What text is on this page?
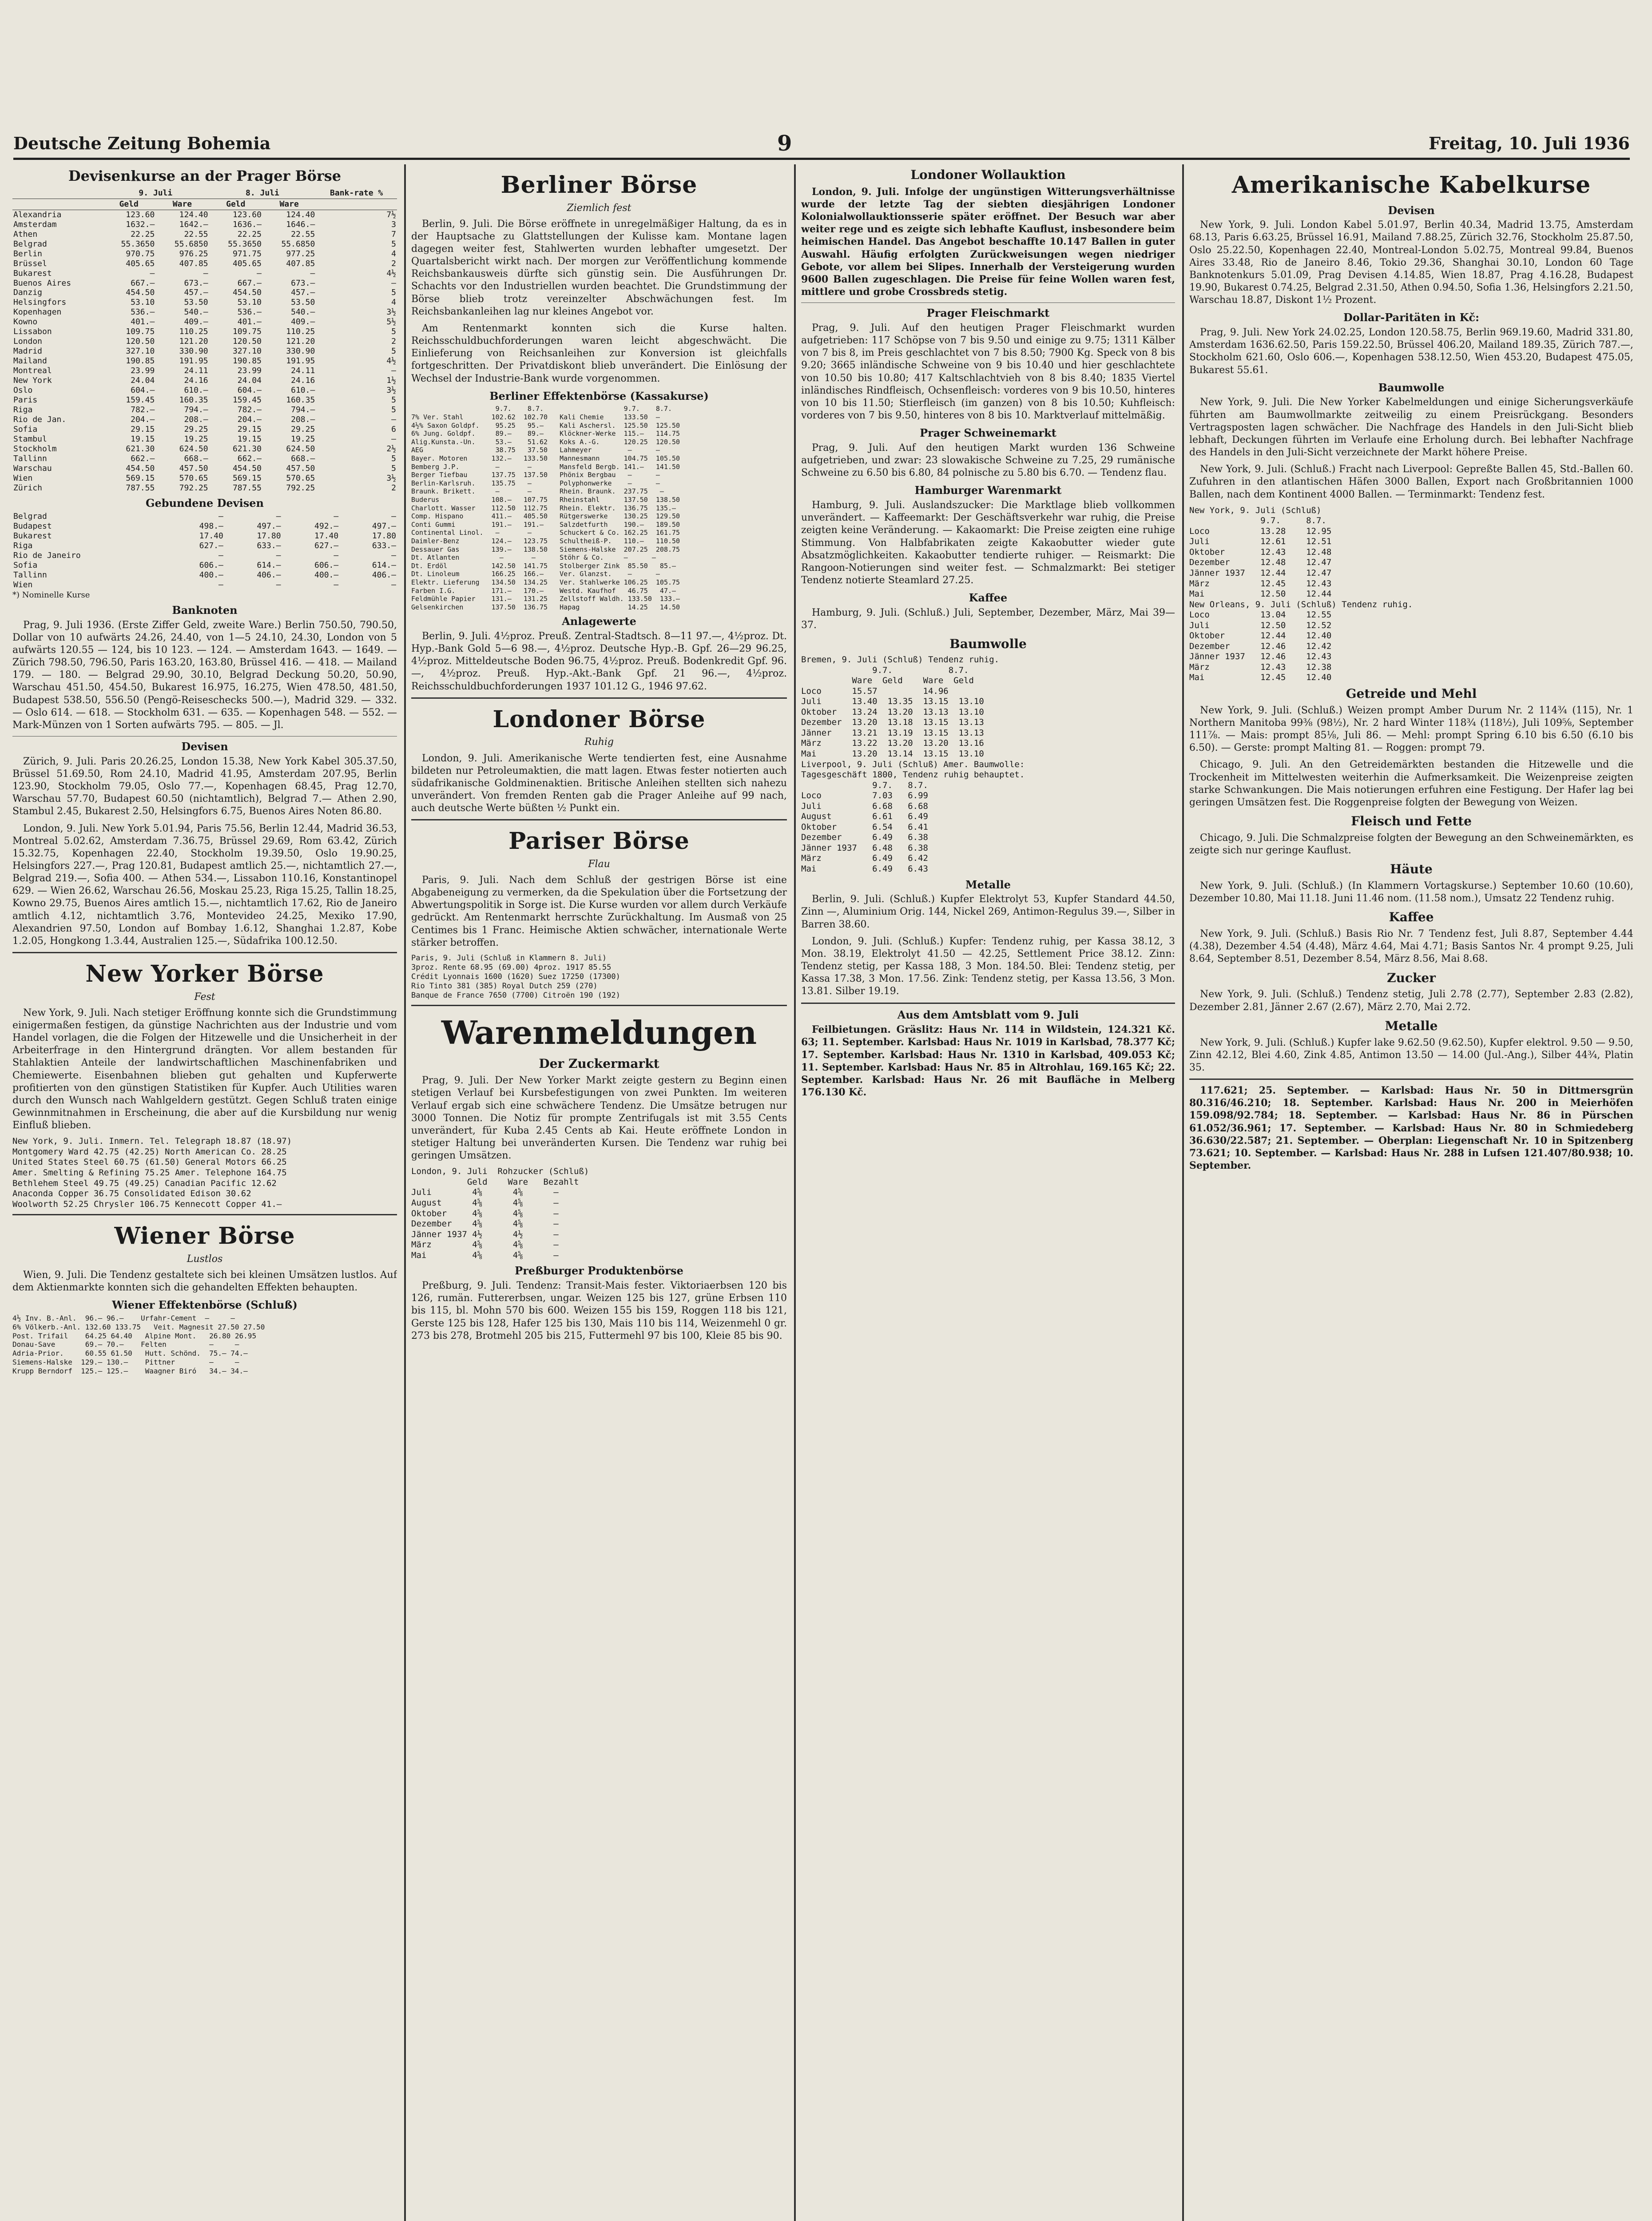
Deutsche Zeitung Bohemia	9	Freitag, 10. Juli 1936
Devisenkurse an der Prager Börse
	9. Juli		8. Juli		Bank-rate %
	Geld	Ware	Geld	Ware	
Alexandria	123.60	124.40	123.60	124.40	7½
Amsterdam	1632.—	1642.—	1636.—	1646.—	3
Athen	22.25	22.55	22.25	22.55	7
Belgrad	55.3650	55.6850	55.3650	55.6850	5
Berlin	970.75	976.25	971.75	977.25	4
Brüssel	405.65	407.85	405.65	407.85	2
Bukarest	—	—	—	—	4½
Buenos Aires	667.—	673.—	667.—	673.—	—
Danzig	454.50	457.—	454.50	457.—	5
Helsingfors	53.10	53.50	53.10	53.50	4
Kopenhagen	536.—	540.—	536.—	540.—	3½
Kowno	401.—	409.—	401.—	409.—	5½
Lissabon	109.75	110.25	109.75	110.25	5
London	120.50	121.20	120.50	121.20	2
Madrid	327.10	330.90	327.10	330.90	5
Mailand	190.85	191.95	190.85	191.95	4½
Montreal	23.99	24.11	23.99	24.11	—
New York	24.04	24.16	24.04	24.16	1½
Oslo	604.—	610.—	604.—	610.—	3½
Paris	159.45	160.35	159.45	160.35	5
Riga	782.—	794.—	782.—	794.—	5
Rio de Jan.	204.—	208.—	204.—	208.—	—
Sofia	29.15	29.25	29.15	29.25	6
Stambul	19.15	19.25	19.15	19.25	—
Stockholm	621.30	624.50	621.30	624.50	2½
Tallinn	662.—	668.—	662.—	668.—	5
Warschau	454.50	457.50	454.50	457.50	5
Wien	569.15	570.65	569.15	570.65	3½
Zürich	787.55	792.25	787.55	792.25	2
Gebundene Devisen
Belgrad	—	—	—	—
Budapest	498.—	497.—	492.—	497.—
Bukarest	17.40	17.80	17.40	17.80
Riga	627.—	633.—	627.—	633.—
Rio de Janeiro	—	—	—	—
Sofia	606.—	614.—	606.—	614.—
Tallinn	400.—	406.—	400.—	406.—
Wien	—	—	—	—
*) Nominelle Kurse
Banknoten

Prag, 9. Juli 1936. (Erste Ziffer Geld, zweite Ware.) Berlin 750.50, 790.50, Dollar von 10 aufwärts 24.26, 24.40, von 1—5 24.10, 24.30, London von 5 aufwärts 120.55 — 124, bis 10 123. — 124. — Amsterdam 1643. — 1649. — Zürich 798.50, 796.50, Paris 163.20, 163.80, Brüssel 416. — 418. — Mailand 179. — 180. — Belgrad 29.90, 30.10, Belgrad Deckung 50.20, 50.90, Warschau 451.50, 454.50, Bukarest 16.975, 16.275, Wien 478.50, 481.50, Budapest 538.50, 556.50 (Pengö-Reiseschecks 500.—), Madrid 329. — 332. — Oslo 614. — 618. — Stockholm 631. — 635. — Kopenhagen 548. — 552. — Mark-Münzen von 1 Sorten aufwärts 795. — 805. — Jl.

Devisen

Zürich, 9. Juli. Paris 20.26.25, London 15.38, New York Kabel 305.37.50, Brüssel 51.69.50, Rom 24.10, Madrid 41.95, Amsterdam 207.95, Berlin 123.90, Stockholm 79.05, Oslo 77.—, Kopenhagen 68.45, Prag 12.70, Warschau 57.70, Budapest 60.50 (nichtamtlich), Belgrad 7.— Athen 2.90, Stambul 2.45, Bukarest 2.50, Helsingfors 6.75, Buenos Aires Noten 86.80.

London, 9. Juli. New York 5.01.94, Paris 75.56, Berlin 12.44, Madrid 36.53, Montreal 5.02.62, Amsterdam 7.36.75, Brüssel 29.69, Rom 63.42, Zürich 15.32.75, Kopenhagen 22.40, Stockholm 19.39.50, Oslo 19.90.25, Helsingfors 227.—, Prag 120.81, Budapest amtlich 25.—, nichtamtlich 27.—, Belgrad 219.—, Sofia 400. — Athen 534.—, Lissabon 110.16, Konstantinopel 629. — Wien 26.62, Warschau 26.56, Moskau 25.23, Riga 15.25, Tallin 18.25, Kowno 29.75, Buenos Aires amtlich 15.—, nichtamtlich 17.62, Rio de Janeiro amtlich 4.12, nichtamtlich 3.76, Montevideo 24.25, Mexiko 17.90, Alexandrien 97.50, London auf Bombay 1.6.12, Shanghai 1.2.87, Kobe 1.2.05, Hongkong 1.3.44, Australien 125.—, Südafrika 100.12.50.

New Yorker Börse
Fest

New York, 9. Juli. Nach stetiger Eröffnung konnte sich die Grundstimmung einigermaßen festigen, da günstige Nachrichten aus der Industrie und vom Handel vorlagen, die die Folgen der Hitzewelle und die Unsicherheit in der Arbeiterfrage in den Hintergrund drängten. Vor allem bestanden für Stahlaktien Anteile der landwirtschaftlichen Maschinenfabriken und Chemiewerte. Eisenbahnen blieben gut gehalten und Kupferwerte profitierten von den günstigen Statistiken für Kupfer. Auch Utilities waren durch den Wunsch nach Wahlgeldern gestützt. Gegen Schluß traten einige Gewinnmitnahmen in Erscheinung, die aber auf die Kursbildung nur wenig Einfluß blieben.

New York, 9. Juli. Inmern. Tel. Telegraph 18.87 (18.97)
Montgomery Ward 42.75 (42.25) North American Co. 28.25
United States Steel 60.75 (61.50) General Motors 66.25
Amer. Smelting & Refining 75.25 Amer. Telephone 164.75
Bethlehem Steel 49.75 (49.25) Canadian Pacific 12.62
Anaconda Copper 36.75 Consolidated Edison 30.62
Woolworth 52.25 Chrysler 106.75 Kennecott Copper 41.—
Wiener Börse
Lustlos

Wien, 9. Juli. Die Tendenz gestaltete sich bei kleinen Umsätzen lustlos. Auf dem Aktienmarkte konnten sich die gehandelten Effekten behaupten.

Wiener Effektenbörse (Schluß)
4½ Inv. B.-Anl.  96.— 96.—    Urfahr-Cement  —     —
6% Völkerb.-Anl. 132.60 133.75   Veit. Magnesit 27.50 27.50
Post. Trifail    64.25 64.40   Alpine Mont.   26.80 26.95
Donau-Save       69.— 70.—    Felten          —     —
Adria-Prior.     60.55 61.50   Hutt. Schönd.  75.— 74.—
Siemens-Halske  129.— 130.—    Pittner        —     —
Krupp Berndorf  125.— 125.—    Waagner Biró   34.— 34.—
Berliner Börse
Ziemlich fest

Berlin, 9. Juli. Die Börse eröffnete in unregelmäßiger Haltung, da es in der Hauptsache zu Glattstellungen der Kulisse kam. Montane lagen dagegen weiter fest, Stahlwerten wurden lebhafter umgesetzt. Der Quartalsbericht wirkt nach. Der morgen zur Veröffentlichung kommende Reichsbankausweis dürfte sich günstig sein. Die Ausführungen Dr. Schachts vor den Industriellen wurden beachtet. Die Grundstimmung der Börse blieb trotz vereinzelter Abschwächungen fest. Im Reichsbankanleihen lag nur kleines Angebot vor.

Am Rentenmarkt konnten sich die Kurse halten. Reichsschuldbuchforderungen waren leicht abgeschwächt. Die Einlieferung von Reichsanleihen zur Konversion ist gleichfalls fortgeschritten. Der Privatdiskont blieb unverändert. Die Einlösung der Wechsel der Industrie-Bank wurde vorgenommen.

Berliner Effektenbörse (Kassakurse)
9.7.    8.7.                    9.7.    8.7.
7% Ver. Stahl       102.62  102.70   Kali Chemie     133.50  —
4½% Saxon Goldpf.    95.25   95.—    Kali Aschersl.  125.50  125.50
6% Jung. Goldpf.     89.—    89.—    Klöckner-Werke  115.—   114.75
Alig.Kunsta.-Un.     53.—    51.62   Koks A.-G.      120.25  120.50
AEG                  38.75   37.50   Lahmeyer         —      —
Bayer. Motoren      132.—   133.50   Mannesmann      104.75  105.50
Bemberg J.P.         —       —       Mansfeld Bergb. 141.—   141.50
Berger Tiefbau      137.75  137.50   Phönix Bergbau   —      —
Berlin-Karlsruh.    135.75   —       Polyphonwerke    —      —
Braunk. Brikett.     —       —       Rhein. Braunk.  237.75   —
Buderus             108.—   107.75   Rheinstahl      137.50  138.50
Charlott. Wasser    112.50  112.75   Rhein. Elektr.  136.75  135.—
Comp. Hispano       411.—   405.50   Rütgerswerke    130.25  129.50
Conti Gummi         191.—   191.—    Salzdetfurth    190.—   189.50
Continental Linol.   —       —       Schuckert & Co. 162.25  161.75
Daimler-Benz        124.—   123.75   Schultheiß-P.   110.—   110.50
Dessauer Gas        139.—   138.50   Siemens-Halske  207.25  208.75
Dt. Atlanten          —       —      Stöhr & Co.     —      —
Dt. Erdöl           142.50  141.75   Stolberger Zink  85.50   85.—
Dt. Linoleum        166.25  166.—    Ver. Glanzst.    —      —
Elektr. Lieferung   134.50  134.25   Ver. Stahlwerke 106.25  105.75
Farben I.G.         171.—   170.—    Westd. Kaufhof   46.75   47.—
Feldmühle Papier    131.—   131.25   Zellstoff Waldh. 133.50  133.—
Gelsenkirchen       137.50  136.75   Hapag            14.25   14.50
Anlagewerte

Berlin, 9. Juli. 4½proz. Preuß. Zentral-Stadtsch. 8—11 97.—, 4½proz. Dt. Hyp.-Bank Gold 5—6 98.—, 4½proz. Deutsche Hyp.-B. Gpf. 26—29 96.25, 4½proz. Mitteldeutsche Boden 96.75, 4½proz. Preuß. Bodenkredit Gpf. 96.—, 4½proz. Preuß. Hyp.-Akt.-Bank Gpf. 21 96.—, 4½proz. Reichsschuldbuchforderungen 1937 101.12 G., 1946 97.62.

Londoner Börse
Ruhig

London, 9. Juli. Amerikanische Werte tendierten fest, eine Ausnahme bildeten nur Petroleumaktien, die matt lagen. Etwas fester notierten auch südafrikanische Goldminenaktien. Britische Anleihen stellten sich nahezu unverändert. Von fremden Renten gab die Prager Anleihe auf 99 nach, auch deutsche Werte büßten ½ Punkt ein.

Pariser Börse
Flau

Paris, 9. Juli. Nach dem Schluß der gestrigen Börse ist eine Abgabeneigung zu vermerken, da die Spekulation über die Fortsetzung der Abwertungspolitik in Sorge ist. Die Kurse wurden vor allem durch Verkäufe gedrückt. Am Rentenmarkt herrschte Zurückhaltung. Im Ausmaß von 25 Centimes bis 1 Franc. Heimische Aktien schwächer, internationale Werte stärker betroffen.

Paris, 9. Juli (Schluß in Klammern 8. Juli)
3proz. Rente 68.95 (69.00) 4proz. 1917 85.55
Crédit Lyonnais 1600 (1620) Suez 17250 (17300)
Rio Tinto 381 (385) Royal Dutch 259 (270)
Banque de France 7650 (7700) Citroën 190 (192)
Warenmeldungen
Der Zuckermarkt

Prag, 9. Juli. Der New Yorker Markt zeigte gestern zu Beginn einen stetigen Verlauf bei Kursbefestigungen von zwei Punkten. Im weiteren Verlauf ergab sich eine schwächere Tendenz. Die Umsätze betrugen nur 3000 Tonnen. Die Notiz für prompte Zentrifugals ist mit 3.55 Cents unverändert, für Kuba 2.45 Cents ab Kai. Heute eröffnete London in stetiger Haltung bei unveränderten Kursen. Die Tendenz war ruhig bei geringen Umsätzen.

London, 9. Juli  Rohzucker (Schluß)
Geld    Ware   Bezahlt
Juli        4⅝      4⅝      —
August      4⅝      4⅝      —
Oktober     4⅝      4⅝      —
Dezember    4⅝      4⅝      —
Jänner 1937 4½      4½      —
März        4⅝      4⅝      —
Mai         4⅝      4⅝      —
Preßburger Produktenbörse

Preßburg, 9. Juli. Tendenz: Transit-Mais fester. Viktoriaerbsen 120 bis 126, rumän. Futtererbsen, ungar. Weizen 125 bis 127, grüne Erbsen 110 bis 115, bl. Mohn 570 bis 600. Weizen 155 bis 159, Roggen 118 bis 121, Gerste 125 bis 128, Hafer 125 bis 130, Mais 110 bis 114, Weizenmehl 0 gr. 273 bis 278, Brotmehl 205 bis 215, Futtermehl 97 bis 100, Kleie 85 bis 90.

Londoner Wollauktion

London, 9. Juli. Infolge der ungünstigen Witterungsverhältnisse wurde der letzte Tag der siebten diesjährigen Londoner Kolonialwollauktionsserie später eröffnet. Der Besuch war aber weiter rege und es zeigte sich lebhafte Kauflust, insbesondere beim heimischen Handel. Das Angebot beschaffte 10.147 Ballen in guter Auswahl. Häufig erfolgten Zurückweisungen wegen niedriger Gebote, vor allem bei Slipes. Innerhalb der Versteigerung wurden 9600 Ballen zugeschlagen. Die Preise für feine Wollen waren fest, mittlere und grobe Crossbreds stetig.

Prager Fleischmarkt

Prag, 9. Juli. Auf den heutigen Prager Fleischmarkt wurden aufgetrieben: 117 Schöpse von 7 bis 9.50 und einige zu 9.75; 1311 Kälber von 7 bis 8, im Preis geschlachtet von 7 bis 8.50; 7900 Kg. Speck von 8 bis 9.20; 3665 inländische Schweine von 9 bis 10.40 und hier geschlachtete von 10.50 bis 10.80; 417 Kaltschlachtvieh von 8 bis 8.40; 1835 Viertel inländisches Rindfleisch, Ochsenfleisch: vorderes von 9 bis 10.50, hinteres von 10 bis 11.50; Stierfleisch (im ganzen) von 8 bis 10.50; Kuhfleisch: vorderes von 7 bis 9.50, hinteres von 8 bis 10. Marktverlauf mittelmäßig.

Prager Schweinemarkt

Prag, 9. Juli. Auf den heutigen Markt wurden 136 Schweine aufgetrieben, und zwar: 23 slowakische Schweine zu 7.25, 29 rumänische Schweine zu 6.50 bis 6.80, 84 polnische zu 5.80 bis 6.70. — Tendenz flau.

Hamburger Warenmarkt

Hamburg, 9. Juli. Auslandszucker: Die Marktlage blieb vollkommen unverändert. — Kaffeemarkt: Der Geschäftsverkehr war ruhig, die Preise zeigten keine Veränderung. — Kakaomarkt: Die Preise zeigten eine ruhige Stimmung. Von Halbfabrikaten zeigte Kakaobutter wieder gute Absatzmöglichkeiten. Kakaobutter tendierte ruhiger. — Reismarkt: Die Rangoon-Notierungen sind weiter fest. — Schmalzmarkt: Bei stetiger Tendenz notierte Steamlard 27.25.

Kaffee

Hamburg, 9. Juli. (Schluß.) Juli, September, Dezember, März, Mai 39—37.

Baumwolle
Bremen, 9. Juli (Schluß) Tendenz ruhig.
9.7.           8.7.
Ware  Geld    Ware  Geld
Loco      15.57         14.96
Juli      13.40  13.35  13.15  13.10
Oktober   13.24  13.20  13.13  13.10
Dezember  13.20  13.18  13.15  13.13
Jänner    13.21  13.19  13.15  13.13
März      13.22  13.20  13.20  13.16
Mai       13.20  13.14  13.15  13.10
Liverpool, 9. Juli (Schluß) Amer. Baumwolle:
Tagesgeschäft 1800, Tendenz ruhig behauptet.
9.7.   8.7.
Loco          7.03   6.99
Juli          6.68   6.68
August        6.61   6.49
Oktober       6.54   6.41
Dezember      6.49   6.38
Jänner 1937   6.48   6.38
März          6.49   6.42
Mai           6.49   6.43
Metalle

Berlin, 9. Juli. (Schluß.) Kupfer Elektrolyt 53, Kupfer Standard 44.50, Zinn —, Aluminium Orig. 144, Nickel 269, Antimon-Regulus 39.—, Silber in Barren 38.60.

London, 9. Juli. (Schluß.) Kupfer: Tendenz ruhig, per Kassa 38.12, 3 Mon. 38.19, Elektrolyt 41.50 — 42.25, Settlement Price 38.12. Zinn: Tendenz stetig, per Kassa 188, 3 Mon. 184.50. Blei: Tendenz stetig, per Kassa 17.38, 3 Mon. 17.56. Zink: Tendenz stetig, per Kassa 13.56, 3 Mon. 13.81. Silber 19.19.

Aus dem Amtsblatt vom 9. Juli

Feilbietungen. Gräslitz: Haus Nr. 114 in Wildstein, 124.321 Kč. 63; 11. September. Karlsbad: Haus Nr. 1019 in Karlsbad, 78.377 Kč; 17. September. Karlsbad: Haus Nr. 1310 in Karlsbad, 409.053 Kč; 11. September. Karlsbad: Haus Nr. 85 in Altrohlau, 169.165 Kč; 22. September. Karlsbad: Haus Nr. 26 mit Baufläche in Melberg 176.130 Kč.

Amerikanische Kabelkurse
Devisen

New York, 9. Juli. London Kabel 5.01.97, Berlin 40.34, Madrid 13.75, Amsterdam 68.13, Paris 6.63.25, Brüssel 16.91, Mailand 7.88.25, Zürich 32.76, Stockholm 25.87.50, Oslo 25.22.50, Kopenhagen 22.40, Montreal-London 5.02.75, Montreal 99.84, Buenos Aires 33.48, Rio de Janeiro 8.46, Tokio 29.36, Shanghai 30.10, London 60 Tage Banknotenkurs 5.01.09, Prag Devisen 4.14.85, Wien 18.87, Prag 4.16.28, Budapest 19.90, Bukarest 0.74.25, Belgrad 2.31.50, Athen 0.94.50, Sofia 1.36, Helsingfors 2.21.50, Warschau 18.87, Diskont 1½ Prozent.

Dollar-Paritäten in Kč:

Prag, 9. Juli. New York 24.02.25, London 120.58.75, Berlin 969.19.60, Madrid 331.80, Amsterdam 1636.62.50, Paris 159.22.50, Brüssel 406.20, Mailand 189.35, Zürich 787.—, Stockholm 621.60, Oslo 606.—, Kopenhagen 538.12.50, Wien 453.20, Budapest 475.05, Bukarest 55.61.

Baumwolle

New York, 9. Juli. Die New Yorker Kabelmeldungen und einige Sicherungsverkäufe führten am Baumwollmarkte zeitweilig zu einem Preisrückgang. Besonders Vertragsposten lagen schwächer. Die Nachfrage des Handels in den Juli-Sicht blieb lebhaft, Deckungen führten im Verlaufe eine Erholung durch. Bei lebhafter Nachfrage des Handels in den Juli-Sicht verzeichnete der Markt höhere Preise.

New York, 9. Juli. (Schluß.) Fracht nach Liverpool: Gepreßte Ballen 45, Std.-Ballen 60. Zufuhren in den atlantischen Häfen 3000 Ballen, Export nach Großbritannien 1000 Ballen, nach dem Kontinent 4000 Ballen. — Terminmarkt: Tendenz fest.

New York, 9. Juli (Schluß)
9.7.     8.7.
Loco          13.28    12.95
Juli          12.61    12.51
Oktober       12.43    12.48
Dezember      12.48    12.47
Jänner 1937   12.44    12.47
März          12.45    12.43
Mai           12.50    12.44
New Orleans, 9. Juli (Schluß) Tendenz ruhig.
Loco          13.04    12.55
Juli          12.50    12.52
Oktober       12.44    12.40
Dezember      12.46    12.42
Jänner 1937   12.46    12.43
März          12.43    12.38
Mai           12.45    12.40
Getreide und Mehl

New York, 9. Juli. (Schluß.) Weizen prompt Amber Durum Nr. 2 114¾ (115), Nr. 1 Northern Manitoba 99⅜ (98½), Nr. 2 hard Winter 118¾ (118½), Juli 109⅝, September 111⅞. — Mais: prompt 85⅛, Juli 86. — Mehl: prompt Spring 6.10 bis 6.50 (6.10 bis 6.50). — Gerste: prompt Malting 81. — Roggen: prompt 79.

Chicago, 9. Juli. An den Getreidemärkten bestanden die Hitzewelle und die Trockenheit im Mittelwesten weiterhin die Aufmerksamkeit. Die Weizenpreise zeigten starke Schwankungen. Die Mais notierungen erfuhren eine Festigung. Der Hafer lag bei geringen Umsätzen fest. Die Roggenpreise folgten der Bewegung von Weizen.

Fleisch und Fette

Chicago, 9. Juli. Die Schmalzpreise folgten der Bewegung an den Schweinemärkten, es zeigte sich nur geringe Kauflust.

Häute

New York, 9. Juli. (Schluß.) (In Klammern Vortagskurse.) September 10.60 (10.60), Dezember 10.80, Mai 11.18. Juni 11.46 nom. (11.58 nom.), Umsatz 22 Tendenz ruhig.

Kaffee

New York, 9. Juli. (Schluß.) Basis Rio Nr. 7 Tendenz fest, Juli 8.87, September 4.44 (4.38), Dezember 4.54 (4.48), März 4.64, Mai 4.71; Basis Santos Nr. 4 prompt 9.25, Juli 8.64, September 8.51, Dezember 8.54, März 8.56, Mai 8.68.

Zucker

New York, 9. Juli. (Schluß.) Tendenz stetig, Juli 2.78 (2.77), September 2.83 (2.82), Dezember 2.81, Jänner 2.67 (2.67), März 2.70, Mai 2.72.

Metalle

New York, 9. Juli. (Schluß.) Kupfer lake 9.62.50 (9.62.50), Kupfer elektrol. 9.50 — 9.50, Zinn 42.12, Blei 4.60, Zink 4.85, Antimon 13.50 — 14.00 (Jul.-Ang.), Silber 44¾, Platin 35.

117.621; 25. September. — Karlsbad: Haus Nr. 50 in Dittmersgrün 80.316/46.210; 18. September. Karlsbad: Haus Nr. 200 in Meierhöfen 159.098/92.784; 18. September. — Karlsbad: Haus Nr. 86 in Pürschen 61.052/36.961; 17. September. — Karlsbad: Haus Nr. 80 in Schmiedeberg 36.630/22.587; 21. September. — Oberplan: Liegenschaft Nr. 10 in Spitzenberg 73.621; 10. September. — Karlsbad: Haus Nr. 288 in Lufsen 121.407/80.938; 10. September.
